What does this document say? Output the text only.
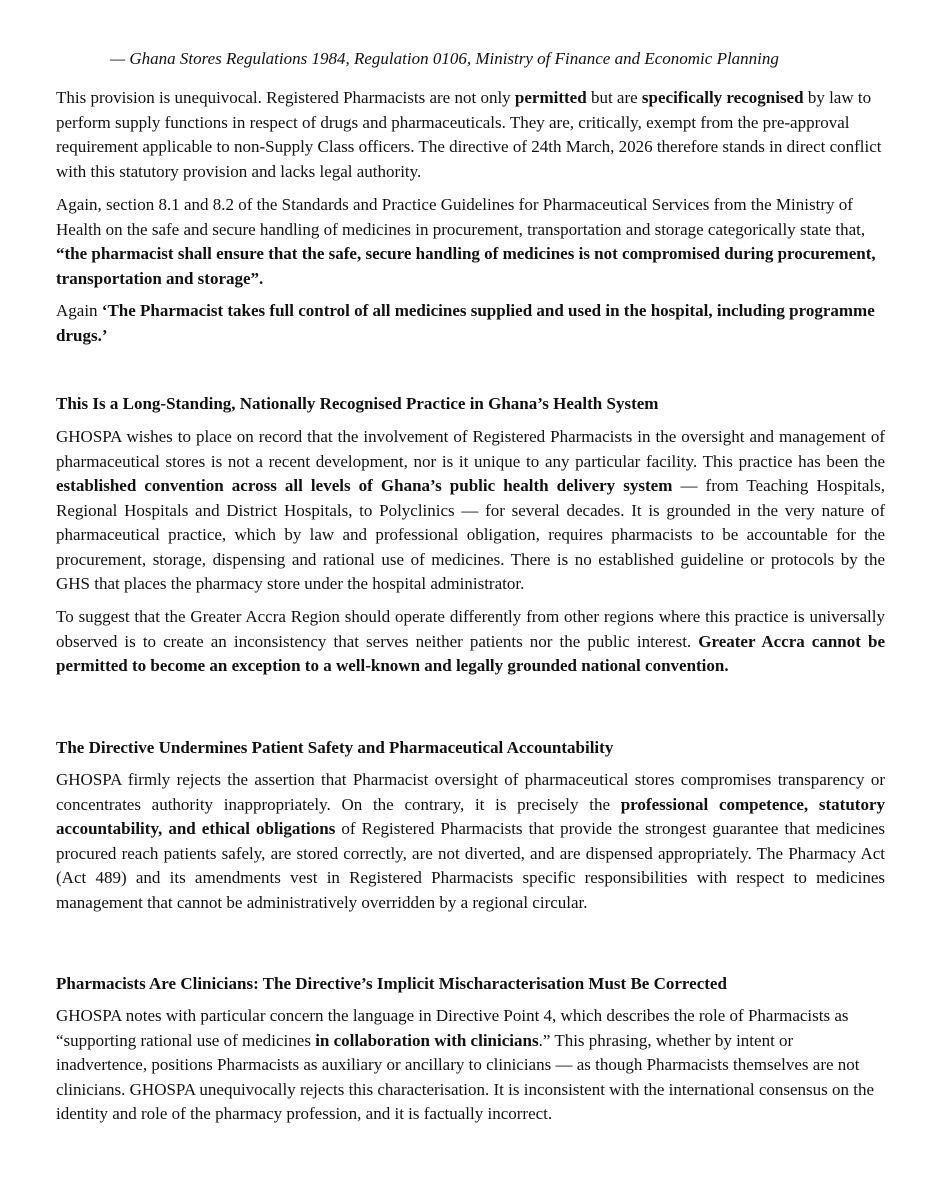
— Ghana Stores Regulations 1984, Regulation 0106, Ministry of Finance and Economic Planning

This provision is unequivocal. Registered Pharmacists are not only permitted but are specifically recognised by law to perform supply functions in respect of drugs and pharmaceuticals. They are, critically, exempt from the pre-approval requirement applicable to non-Supply Class officers. The directive of 24th March, 2026 therefore stands in direct conflict with this statutory provision and lacks legal authority.

Again, section 8.1 and 8.2 of the Standards and Practice Guidelines for Pharmaceutical Services from the Ministry of Health on the safe and secure handling of medicines in procurement, transportation and storage categorically state that, “the pharmacist shall ensure that the safe, secure handling of medicines is not compromised during procurement, transportation and storage”.

Again ‘The Pharmacist takes full control of all medicines supplied and used in the hospital, including programme drugs.’

This Is a Long-Standing, Nationally Recognised Practice in Ghana’s Health System

GHOSPA wishes to place on record that the involvement of Registered Pharmacists in the oversight and management of pharmaceutical stores is not a recent development, nor is it unique to any particular facility. This practice has been the established convention across all levels of Ghana’s public health delivery system — from Teaching Hospitals, Regional Hospitals and District Hospitals, to Polyclinics — for several decades. It is grounded in the very nature of pharmaceutical practice, which by law and professional obligation, requires pharmacists to be accountable for the procurement, storage, dispensing and rational use of medicines. There is no established guideline or protocols by the GHS that places the pharmacy store under the hospital administrator.

To suggest that the Greater Accra Region should operate differently from other regions where this practice is universally observed is to create an inconsistency that serves neither patients nor the public interest. Greater Accra cannot be permitted to become an exception to a well-known and legally grounded national convention.

The Directive Undermines Patient Safety and Pharmaceutical Accountability

GHOSPA firmly rejects the assertion that Pharmacist oversight of pharmaceutical stores compromises transparency or concentrates authority inappropriately. On the contrary, it is precisely the professional competence, statutory accountability, and ethical obligations of Registered Pharmacists that provide the strongest guarantee that medicines procured reach patients safely, are stored correctly, are not diverted, and are dispensed appropriately. The Pharmacy Act (Act 489) and its amendments vest in Registered Pharmacists specific responsibilities with respect to medicines management that cannot be administratively overridden by a regional circular.

Pharmacists Are Clinicians: The Directive’s Implicit Mischaracterisation Must Be Corrected

GHOSPA notes with particular concern the language in Directive Point 4, which describes the role of Pharmacists as “supporting rational use of medicines in collaboration with clinicians.” This phrasing, whether by intent or inadvertence, positions Pharmacists as auxiliary or ancillary to clinicians — as though Pharmacists themselves are not clinicians. GHOSPA unequivocally rejects this characterisation. It is inconsistent with the international consensus on the identity and role of the pharmacy profession, and it is factually incorrect.
